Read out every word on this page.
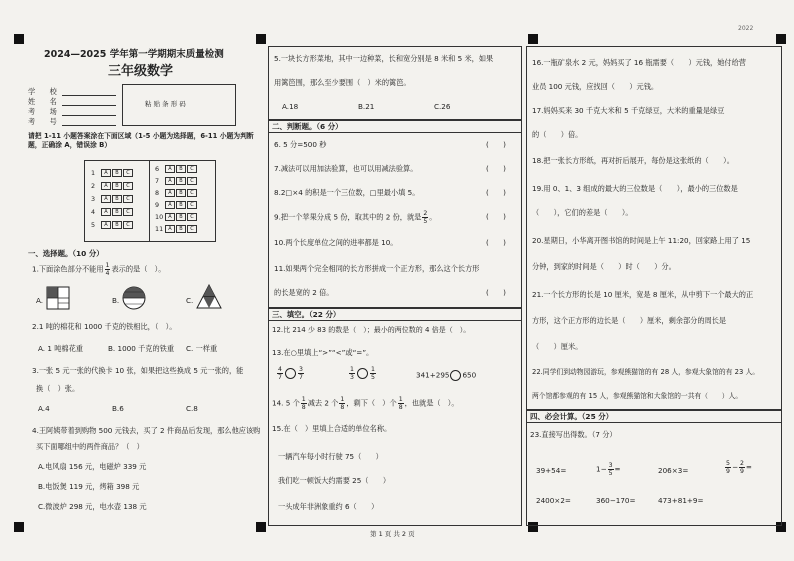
2022
2024—2025 学年第一学期期末质量检测
三年级数学
学　　校
姓　　名
考　　场
考　　号
粘 贴 条 形 码
请把 1-11 小题答案涂在下面区域（1-5 小题为选择题，6-11 小题为判断题，正确涂 A，错误涂 B）
1A B C
2A B C
3A B C
4A B C
5A B C
6A B C
7A B C
8A B C
9A B C
10A B C
11A B C
一、选择题。（10 分）
1.下面涂色部分不能用 $\frac{1}{4}$ 表示的是（　）。
A.	B.	C.
2.1 吨的棉花和 1000 千克的铁相比，（　）。
A. 1 吨棉花重	B. 1000 千克的铁重 C. 一样重
3.一张 5 元一张的代换卡 10 张，如果把这些换成 5 元一张的，能
换（　）张。
A.4	B.6	C.8
4.王阿姨带着到购物 500 元钱去，买了 2 件商品后发现，那么他应该购
买下面哪组中的两件商品？（　）
A.电风扇 156 元，电磁炉 339 元
B.电饭煲 119 元，烤箱 398 元
C.微波炉 298 元，电水壶 138 元
5.一块长方形菜地，其中一边种菜，长和宽分别是 8 米和 5 米，如果
用篱笆围，那么至少要围（　）米的篱笆。
A.18	B.21	C.26
二、判断题。（6 分）
6. 5 分=500 秒	(　　)
7.减法可以用加法验算，也可以用减法验算。	(　　)
8.2□×4 的积是一个三位数，□里最小填 5。	(　　)
9.把一个苹果分成 5 份，取其中的 2 份，就是 $\frac{2}{5}$ 。	(　　)
10.两个长度单位之间的进率都是 10。	(　　)
11.如果两个完全相同的长方形拼成一个正方形，那么这个长方形
的长是宽的 2 倍。	(　　)
三、填空。（22 分）
12.比 214 少 83 的数是（　）；最小的两位数的 4 倍是（　）。
13.在○里填上“>”“<”或“=”。
$\frac{4}{7} \frac{3}{7}$	$\frac{1}{3} \frac{1}{5}$	341+295 650
14. 5 个 $\frac{1}{8}$ 减去 2 个 $\frac{1}{8}$ ，剩下（　）个 $\frac{1}{8}$ ，也就是（　）。
15.在（　）里填上合适的单位名称。
一辆汽车每小时行驶 75（　　）
我们吃一顿饭大约需要 25（　　）
一头成年非洲象重约 6（　　）
第 1 页 共 2 页
16.一瓶矿泉水 2 元，妈妈买了 16 瓶需要（　　）元钱，她付给营
业员 100 元钱，应找回（　　）元钱。
17.妈妈买来 30 千克大米和 5 千克绿豆，大米的重量是绿豆
的（　　）倍。
18.把一张长方形纸，再对折后展开，每份是这张纸的（　　）。
19.用 0、1、3 组成的最大的三位数是（　　），最小的三位数是
（　　），它们的差是（　　）。
20.星期日，小华离开图书馆的时间是上午 11:20，回家路上用了 15
分钟，到家的时间是（　　）时（　　）分。
21.一个长方形的长是 10 厘米，宽是 8 厘米，从中剪下一个最大的正
方形，这个正方形的边长是（　　）厘米，剩余部分的周长是
（　　）厘米。
22.同学们到动物园游玩，参观熊猫馆的有 28 人，参观大象馆的有 23 人。
两个馆都参观的有 15 人，参观熊猫馆和大象馆的一共有（　　）人。
四、必会计算。（25 分）
23.直接写出得数。（7 分）
39+54=	$1- \frac{3}{5}$ =	206×3=	$\frac{5}{9} - \frac{2}{9}$ =
2400×2=	360−170=	473+81+9=
